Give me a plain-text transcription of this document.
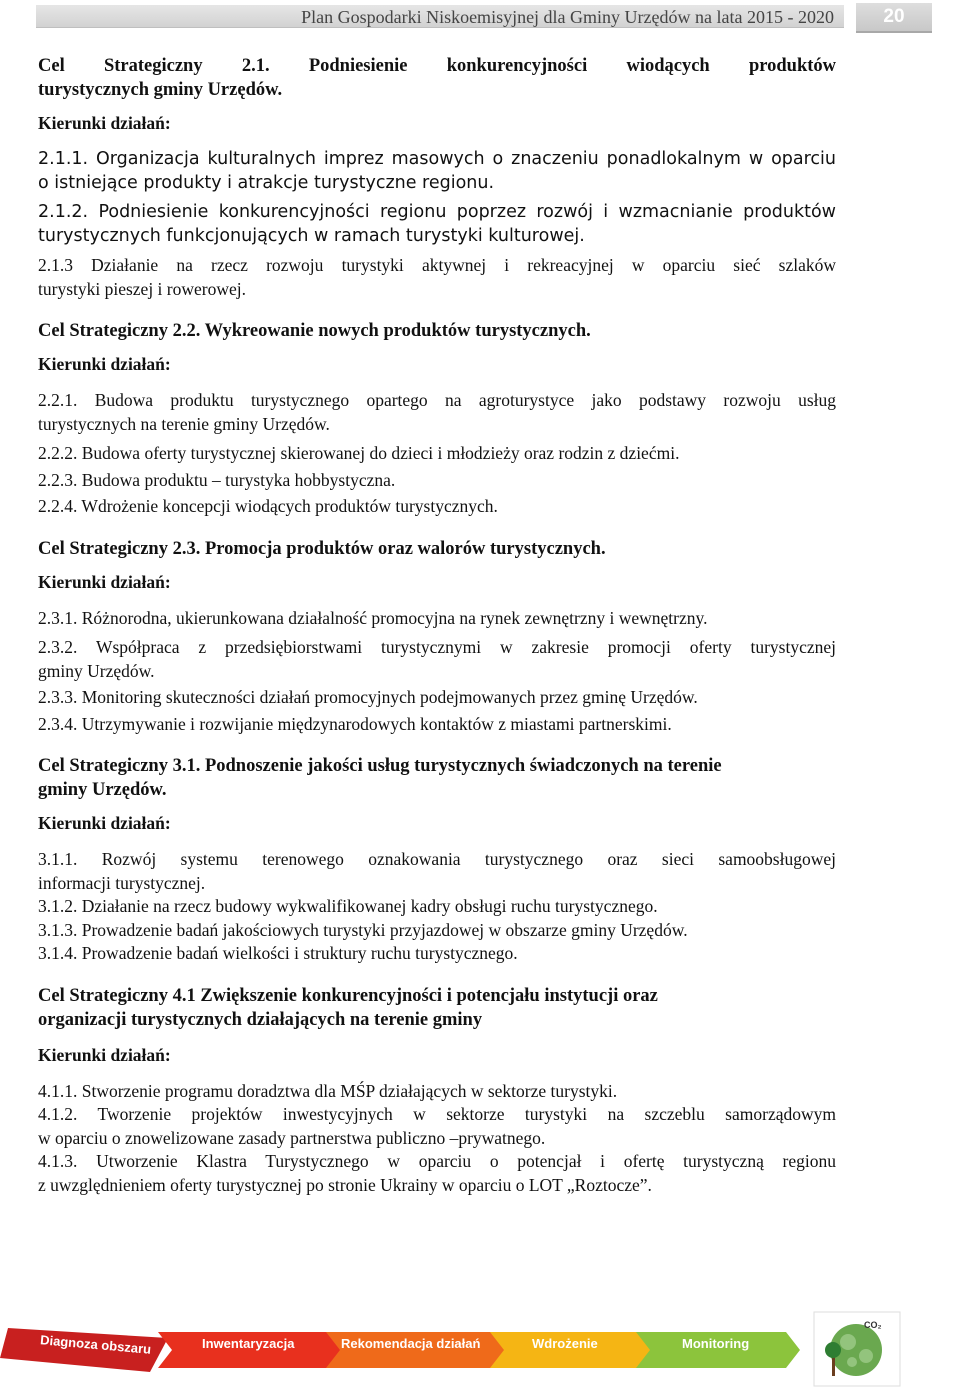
Plan Gospodarki Niskoemisyjnej dla Gminy Urzędów na lata 2015 - 2020	20

Cel Strategiczny 2.1. Podniesienie konkurencyjności wiodących produktów

turystycznych gminy Urzędów.

Kierunki działań:

2.1.1. Organizacja kulturalnych imprez masowych o znaczeniu ponadlokalnym w oparciu

o istniejące produkty i atrakcje turystyczne regionu.

2.1.2. Podniesienie konkurencyjności regionu poprzez rozwój i wzmacnianie produktów

turystycznych funkcjonujących w ramach turystyki kulturowej.

2.1.3 Działanie na rzecz rozwoju turystyki aktywnej i rekreacyjnej w oparciu sieć szlaków

turystyki pieszej i rowerowej.

Cel Strategiczny 2.2. Wykreowanie nowych produktów turystycznych.

Kierunki działań:

2.2.1. Budowa produktu turystycznego opartego na agroturystyce jako podstawy rozwoju usług

turystycznych na terenie gminy Urzędów.

2.2.2. Budowa oferty turystycznej skierowanej do dzieci i młodzieży oraz rodzin z dziećmi.

2.2.3. Budowa produktu – turystyka hobbystyczna.

2.2.4. Wdrożenie koncepcji wiodących produktów turystycznych.

Cel Strategiczny 2.3. Promocja produktów oraz walorów turystycznych.

Kierunki działań:

2.3.1. Różnorodna, ukierunkowana działalność promocyjna na rynek zewnętrzny i wewnętrzny.

2.3.2. Współpraca z przedsiębiorstwami turystycznymi w zakresie promocji oferty turystycznej

gminy Urzędów.

2.3.3. Monitoring skuteczności działań promocyjnych podejmowanych przez gminę Urzędów.

2.3.4. Utrzymywanie i rozwijanie międzynarodowych kontaktów z miastami partnerskimi.

Cel Strategiczny 3.1. Podnoszenie jakości usług turystycznych świadczonych na terenie

gminy Urzędów.

Kierunki działań:

3.1.1. Rozwój systemu terenowego oznakowania turystycznego oraz sieci samoobsługowej

informacji turystycznej.

3.1.2. Działanie na rzecz budowy wykwalifikowanej kadry obsługi ruchu turystycznego.

3.1.3. Prowadzenie badań jakościowych turystyki przyjazdowej w obszarze gminy Urzędów.

3.1.4. Prowadzenie badań wielkości i struktury ruchu turystycznego.

Cel Strategiczny 4.1 Zwiększenie konkurencyjności i potencjału instytucji oraz

organizacji turystycznych działających na terenie gminy

Kierunki działań:

4.1.1. Stworzenie programu doradztwa dla MŚP działających w sektorze turystyki.

4.1.2. Tworzenie projektów inwestycyjnych w sektorze turystyki na szczeblu samorządowym

w oparciu o znowelizowane zasady partnerstwa publiczno –prywatnego.

4.1.3. Utworzenie Klastra Turystycznego w oparciu o potencjał i ofertę turystyczną regionu

z uwzględnieniem oferty turystycznej po stronie Ukrainy w oparciu o LOT „Roztocze”.

Diagnoza obszaru	Inwentaryzacja	Rekomendacja działań	Wdrożenie	Monitoring
CO₂
